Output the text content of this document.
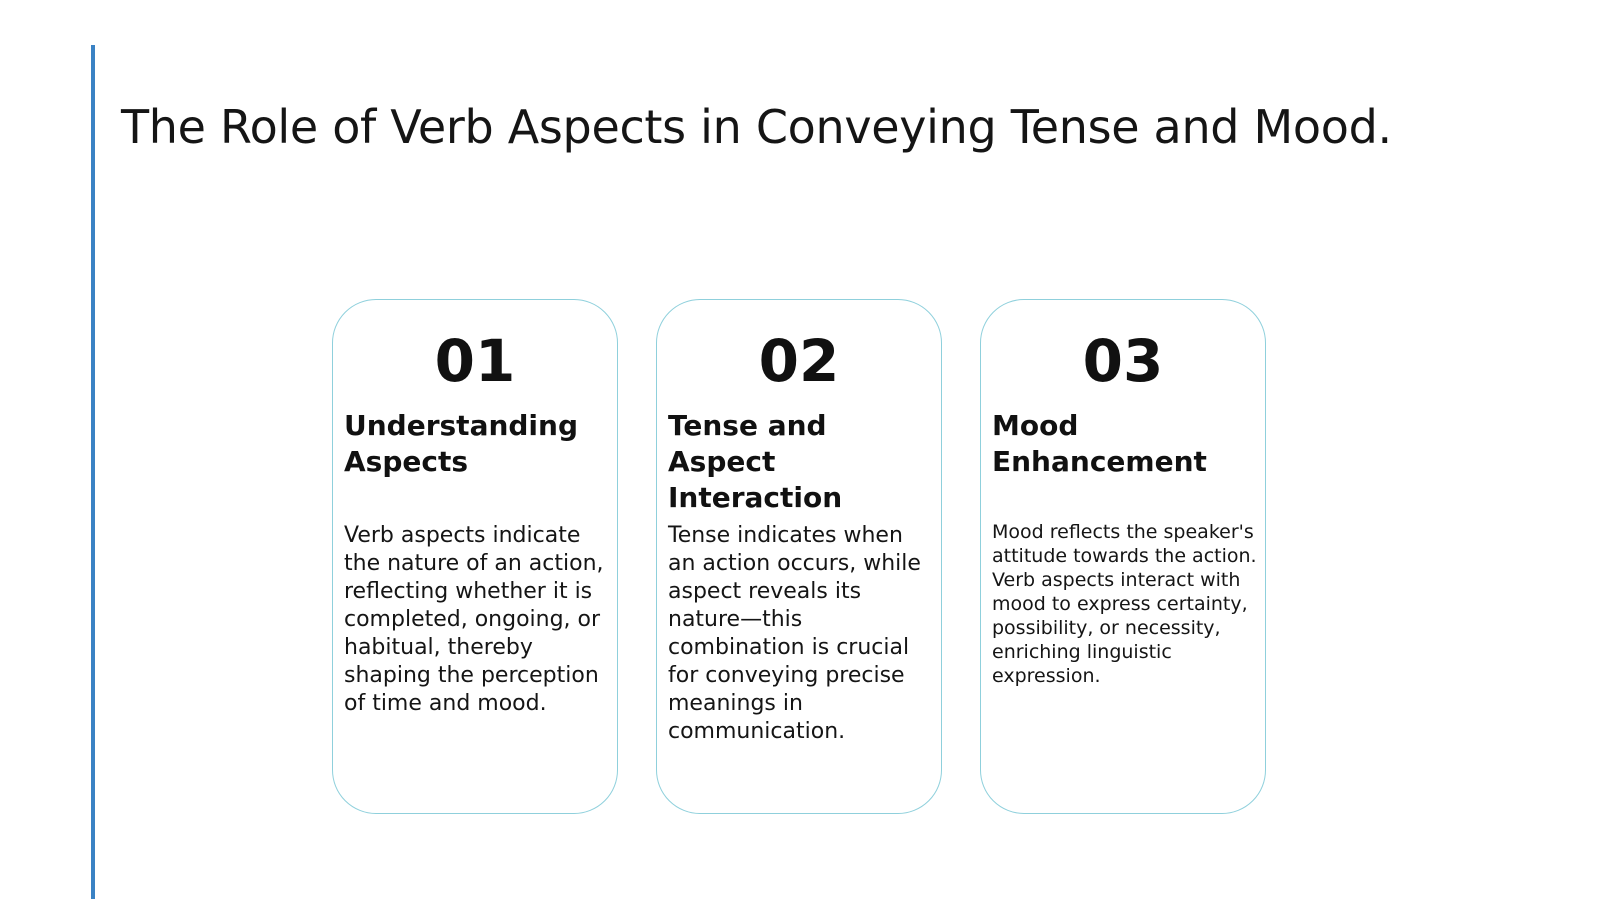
The Role of Verb Aspects in Conveying Tense and Mood.
01
Understanding Aspects
Verb aspects indicate the nature of an action, reflecting whether it is completed, ongoing, or habitual, thereby shaping the perception of time and mood.
02
Tense and Aspect Interaction
Tense indicates when an action occurs, while aspect reveals its nature—this combination is crucial for conveying precise meanings in communication.
03
Mood Enhancement
Mood reflects the speaker's attitude towards the action. Verb aspects interact with mood to express certainty, possibility, or necessity, enriching linguistic expression.
